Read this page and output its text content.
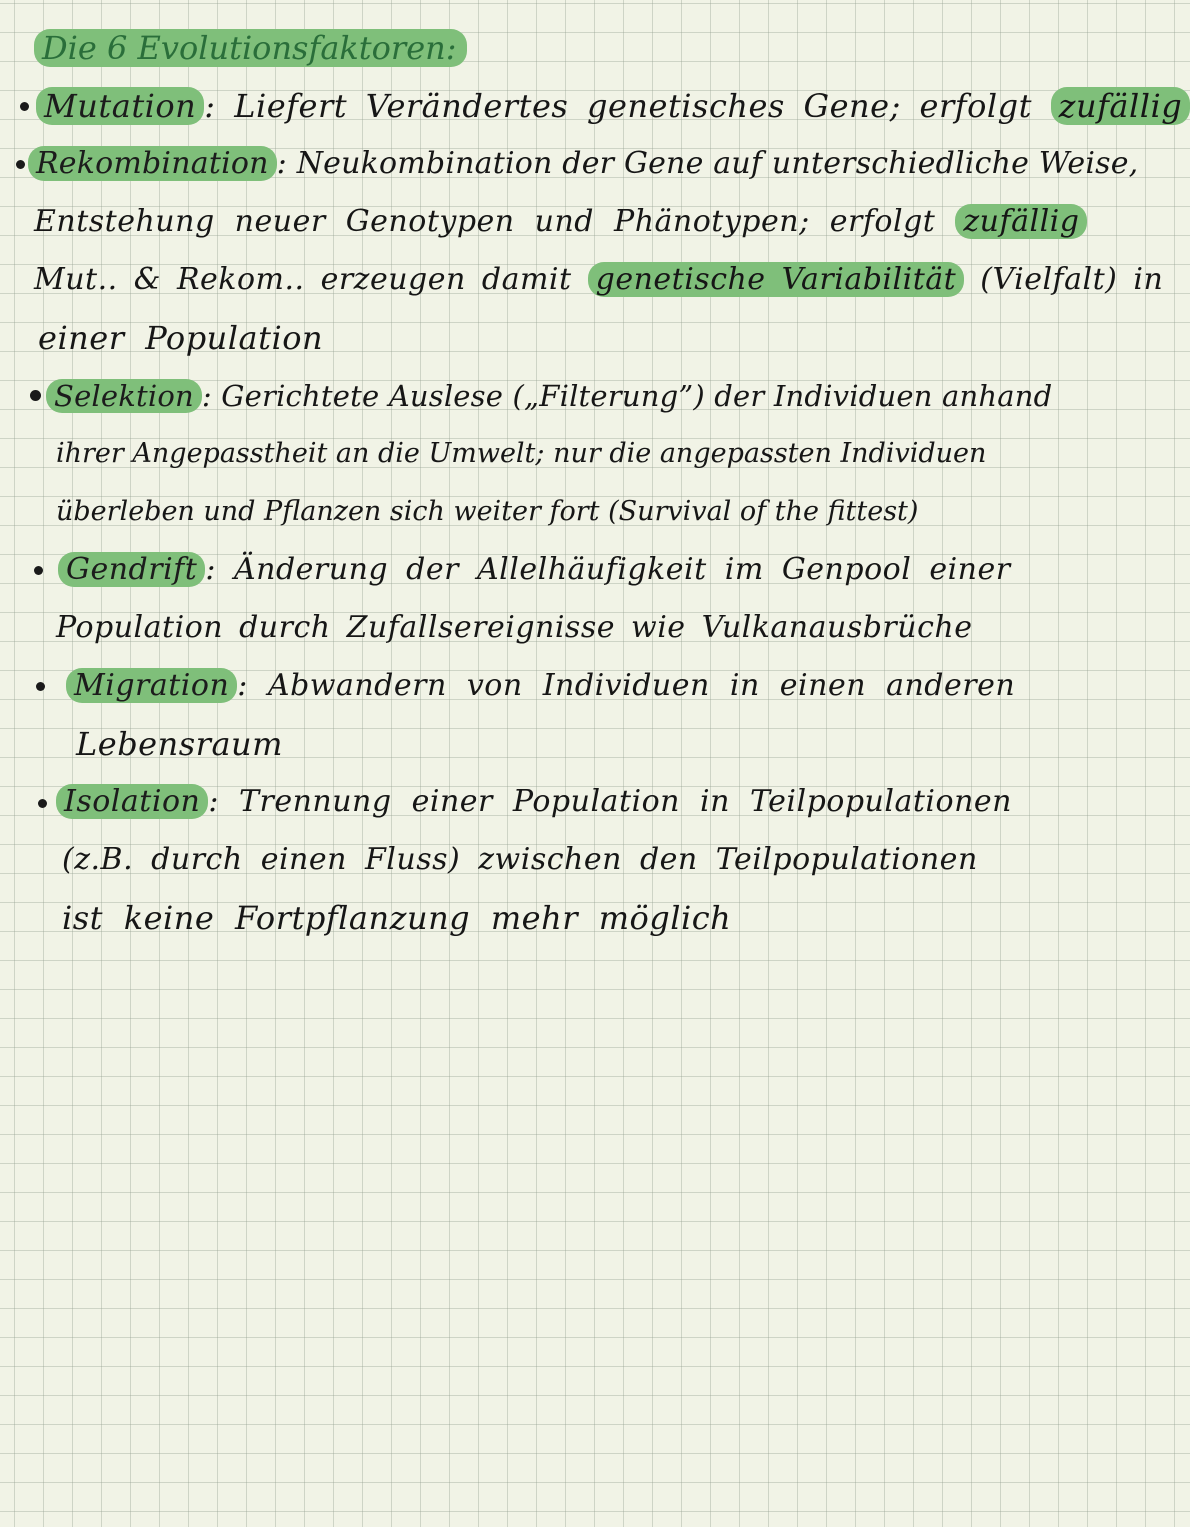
Die 6 Evolutionsfaktoren:
Mutation : Liefert Verändertes genetisches Gene; erfolgt zufällig
Rekombination : Neukombination der Gene auf unterschiedliche Weise,
Entstehung neuer Genotypen und Phänotypen; erfolgt zufällig
Mut.. & Rekom.. erzeugen damit genetische Variabilität (Vielfalt) in
einer Population
Selektion : Gerichtete Auslese („Filterung”) der Individuen anhand
ihrer Angepasstheit an die Umwelt; nur die angepassten Individuen
überleben und Pflanzen sich weiter fort (Survival of the fittest)
Gendrift : Änderung der Allelhäufigkeit im Genpool einer
Population durch Zufallsereignisse wie Vulkanausbrüche
Migration : Abwandern von Individuen in einen anderen
Lebensraum
Isolation : Trennung einer Population in Teilpopulationen
(z.B. durch einen Fluss) zwischen den Teilpopulationen
ist keine Fortpflanzung mehr möglich
